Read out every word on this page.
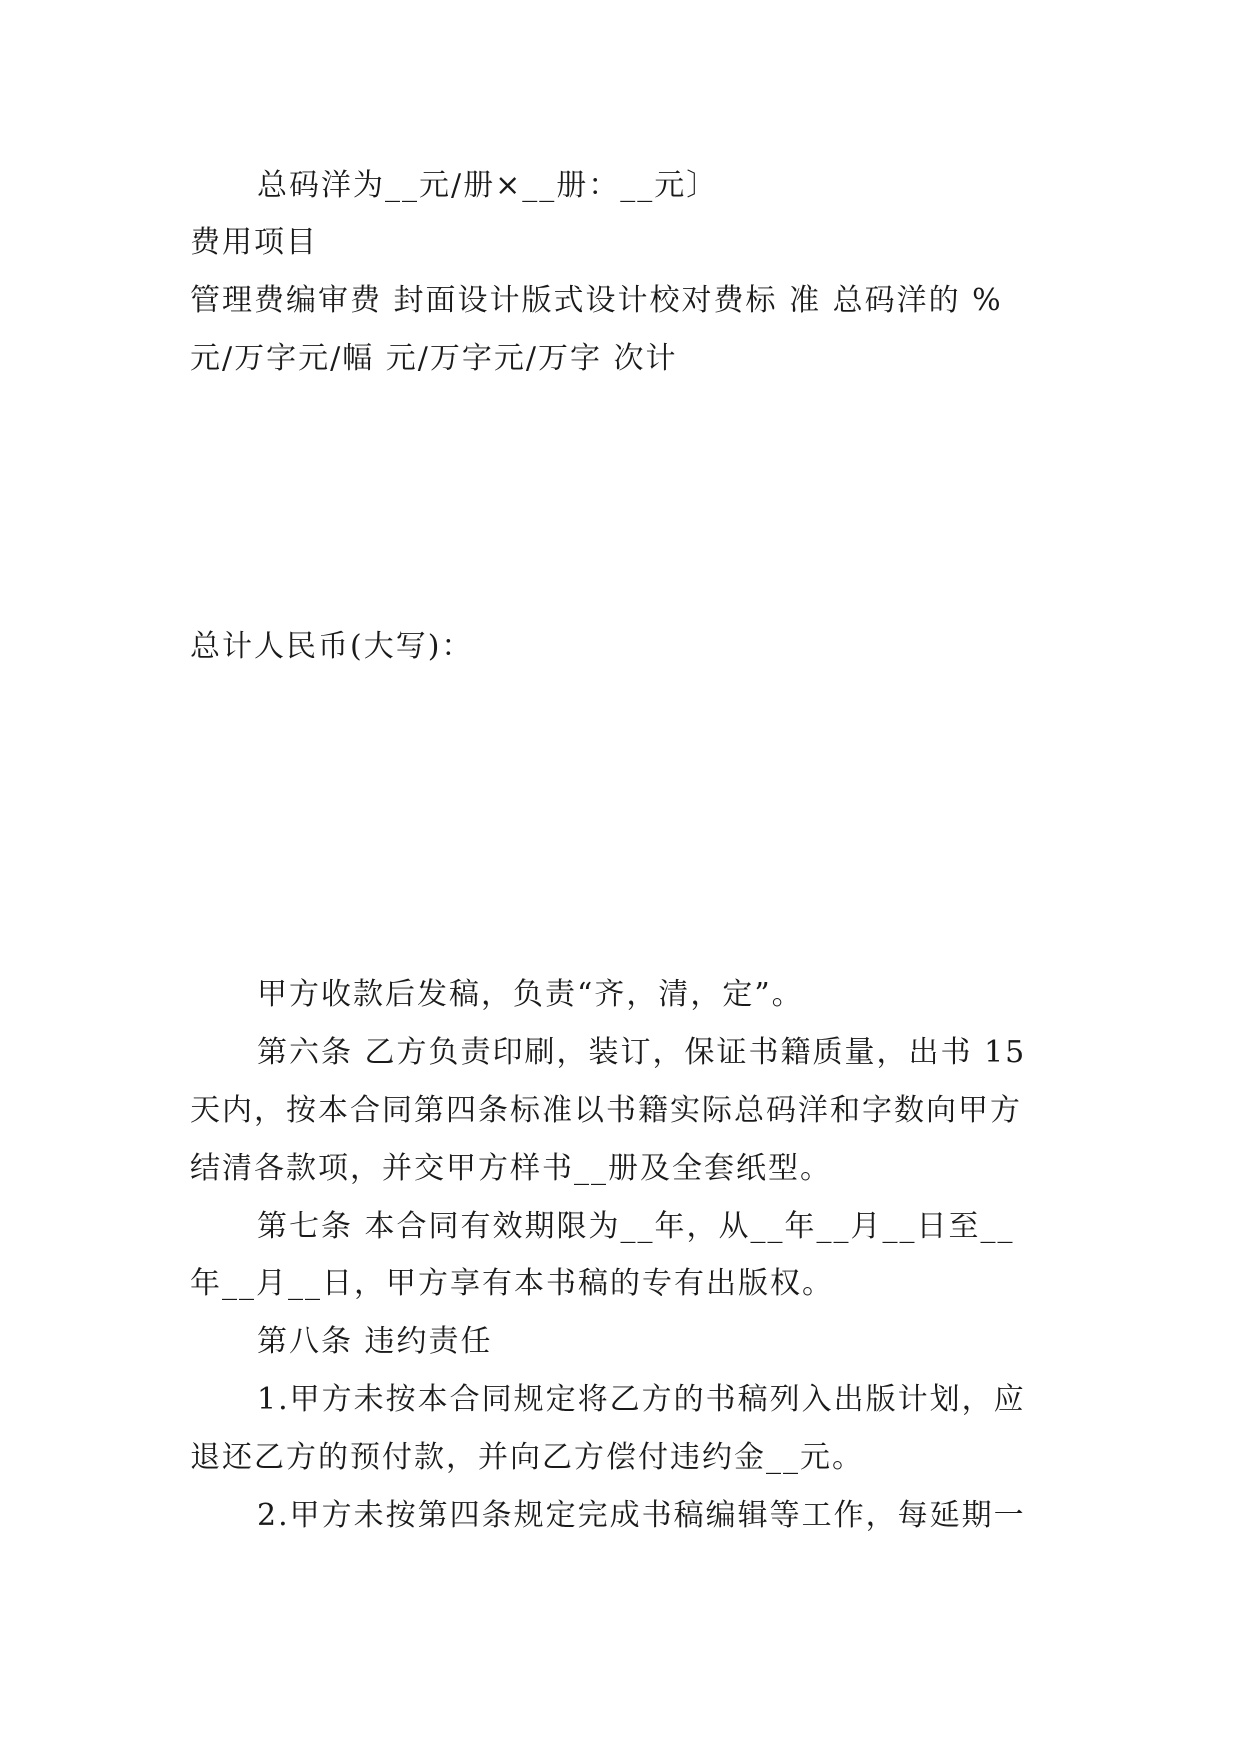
总码洋为__元/册×__册：__元〕
费用项目
管理费编审费 封面设计版式设计校对费标 准 总码洋的 %
元/万字元/幅 元/万字元/万字 次计
总计人民币(大写)：
甲方收款后发稿，负责“齐，清，定”。
第六条 乙方负责印刷，装订，保证书籍质量，出书 15
天内，按本合同第四条标准以书籍实际总码洋和字数向甲方
结清各款项，并交甲方样书__册及全套纸型。
第七条 本合同有效期限为__年，从__年__月__日至__
年__月__日，甲方享有本书稿的专有出版权。
第八条 违约责任
1.甲方未按本合同规定将乙方的书稿列入出版计划，应
退还乙方的预付款，并向乙方偿付违约金__元。
2.甲方未按第四条规定完成书稿编辑等工作，每延期一
